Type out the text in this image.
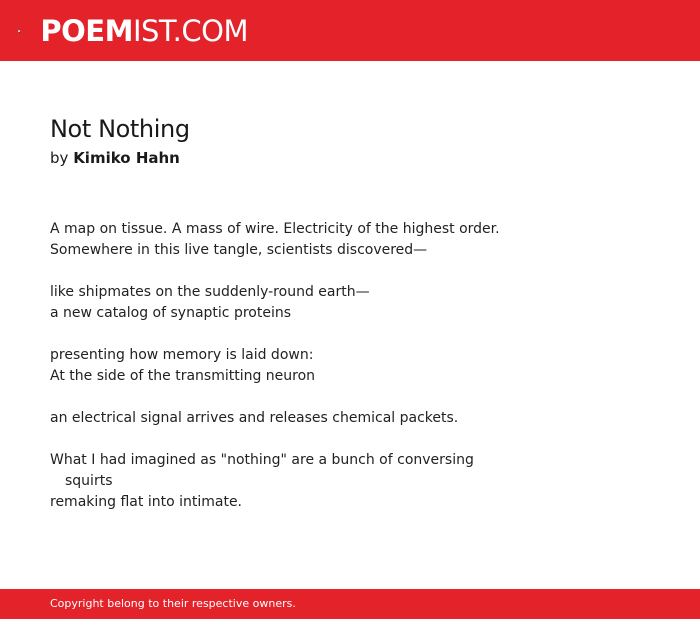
POEMIST.COM
Not Nothing
by Kimiko Hahn

A map on tissue. A mass of wire. Electricity of the highest order.
Somewhere in this live tangle, scientists discovered—

like shipmates on the suddenly-round earth—
a new catalog of synaptic proteins

presenting how memory is laid down:
At the side of the transmitting neuron

an electrical signal arrives and releases chemical packets.

What I had imagined as "nothing" are a bunch of conversing
squirts
remaking flat into intimate.

Copyright belong to their respective owners.
